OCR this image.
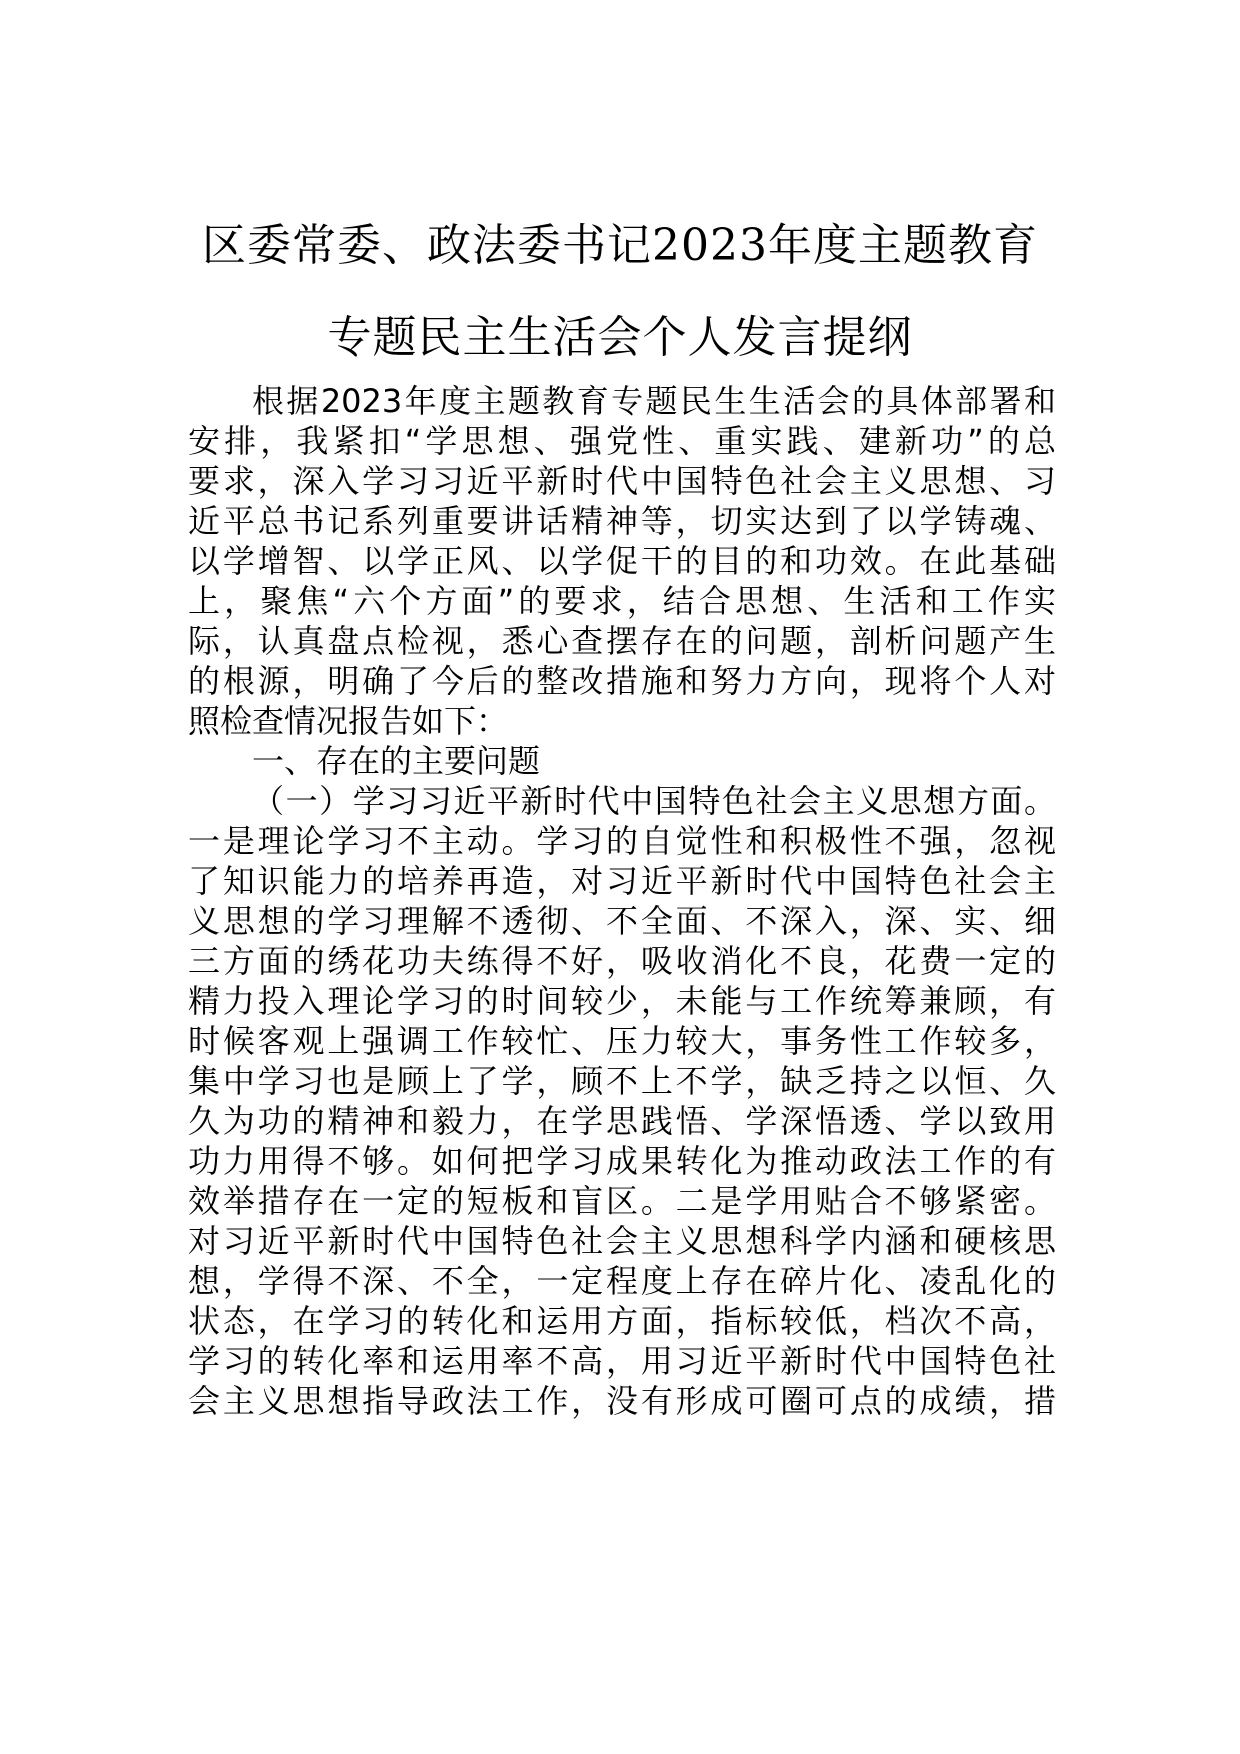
区委常委、政法委书记2023年度主题教育
专题民主生活会个人发言提纲
根据2023年度主题教育专题民生生活会的具体部署和
安排，我紧扣“学思想、强党性、重实践、建新功”的总
要求，深入学习习近平新时代中国特色社会主义思想、习
近平总书记系列重要讲话精神等，切实达到了以学铸魂、
以学增智、以学正风、以学促干的目的和功效。在此基础
上，聚焦“六个方面”的要求，结合思想、生活和工作实
际，认真盘点检视，悉心查摆存在的问题，剖析问题产生
的根源，明确了今后的整改措施和努力方向，现将个人对
照检查情况报告如下：
一、存在的主要问题
（一）学习习近平新时代中国特色社会主义思想方面。
一是理论学习不主动。学习的自觉性和积极性不强，忽视
了知识能力的培养再造，对习近平新时代中国特色社会主
义思想的学习理解不透彻、不全面、不深入，深、实、细
三方面的绣花功夫练得不好，吸收消化不良，花费一定的
精力投入理论学习的时间较少，未能与工作统筹兼顾，有
时候客观上强调工作较忙、压力较大，事务性工作较多，
集中学习也是顾上了学，顾不上不学，缺乏持之以恒、久
久为功的精神和毅力，在学思践悟、学深悟透、学以致用
功力用得不够。如何把学习成果转化为推动政法工作的有
效举措存在一定的短板和盲区。二是学用贴合不够紧密。
对习近平新时代中国特色社会主义思想科学内涵和硬核思
想，学得不深、不全，一定程度上存在碎片化、凌乱化的
状态，在学习的转化和运用方面，指标较低，档次不高，
学习的转化率和运用率不高，用习近平新时代中国特色社
会主义思想指导政法工作，没有形成可圈可点的成绩，措
